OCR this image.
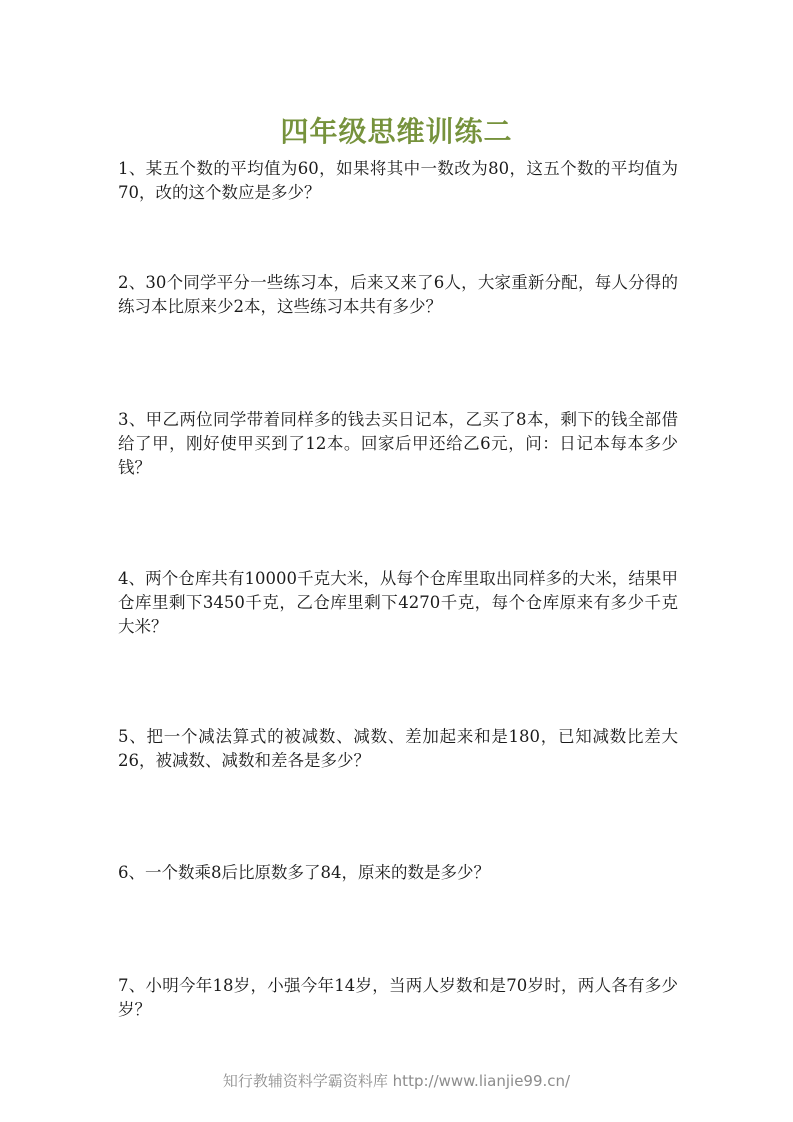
四年级思维训练二

1、某五个数的平均值为60，如果将其中一数改为80，这五个数的平均值为70，改的这个数应是多少？

2、30个同学平分一些练习本，后来又来了6人，大家重新分配，每人分得的练习本比原来少2本，这些练习本共有多少？

3、甲乙两位同学带着同样多的钱去买日记本，乙买了8本，剩下的钱全部借给了甲，刚好使甲买到了12本。回家后甲还给乙6元，问：日记本每本多少钱？

4、两个仓库共有10000千克大米，从每个仓库里取出同样多的大米，结果甲仓库里剩下3450千克，乙仓库里剩下4270千克，每个仓库原来有多少千克大米？

5、把一个减法算式的被减数、减数、差加起来和是180，已知减数比差大26，被减数、减数和差各是多少？

6、一个数乘8后比原数多了84，原来的数是多少？

7、小明今年18岁，小强今年14岁，当两人岁数和是70岁时，两人各有多少岁？

知行教辅资料学霸资料库 http://www.lianjie99.cn/
